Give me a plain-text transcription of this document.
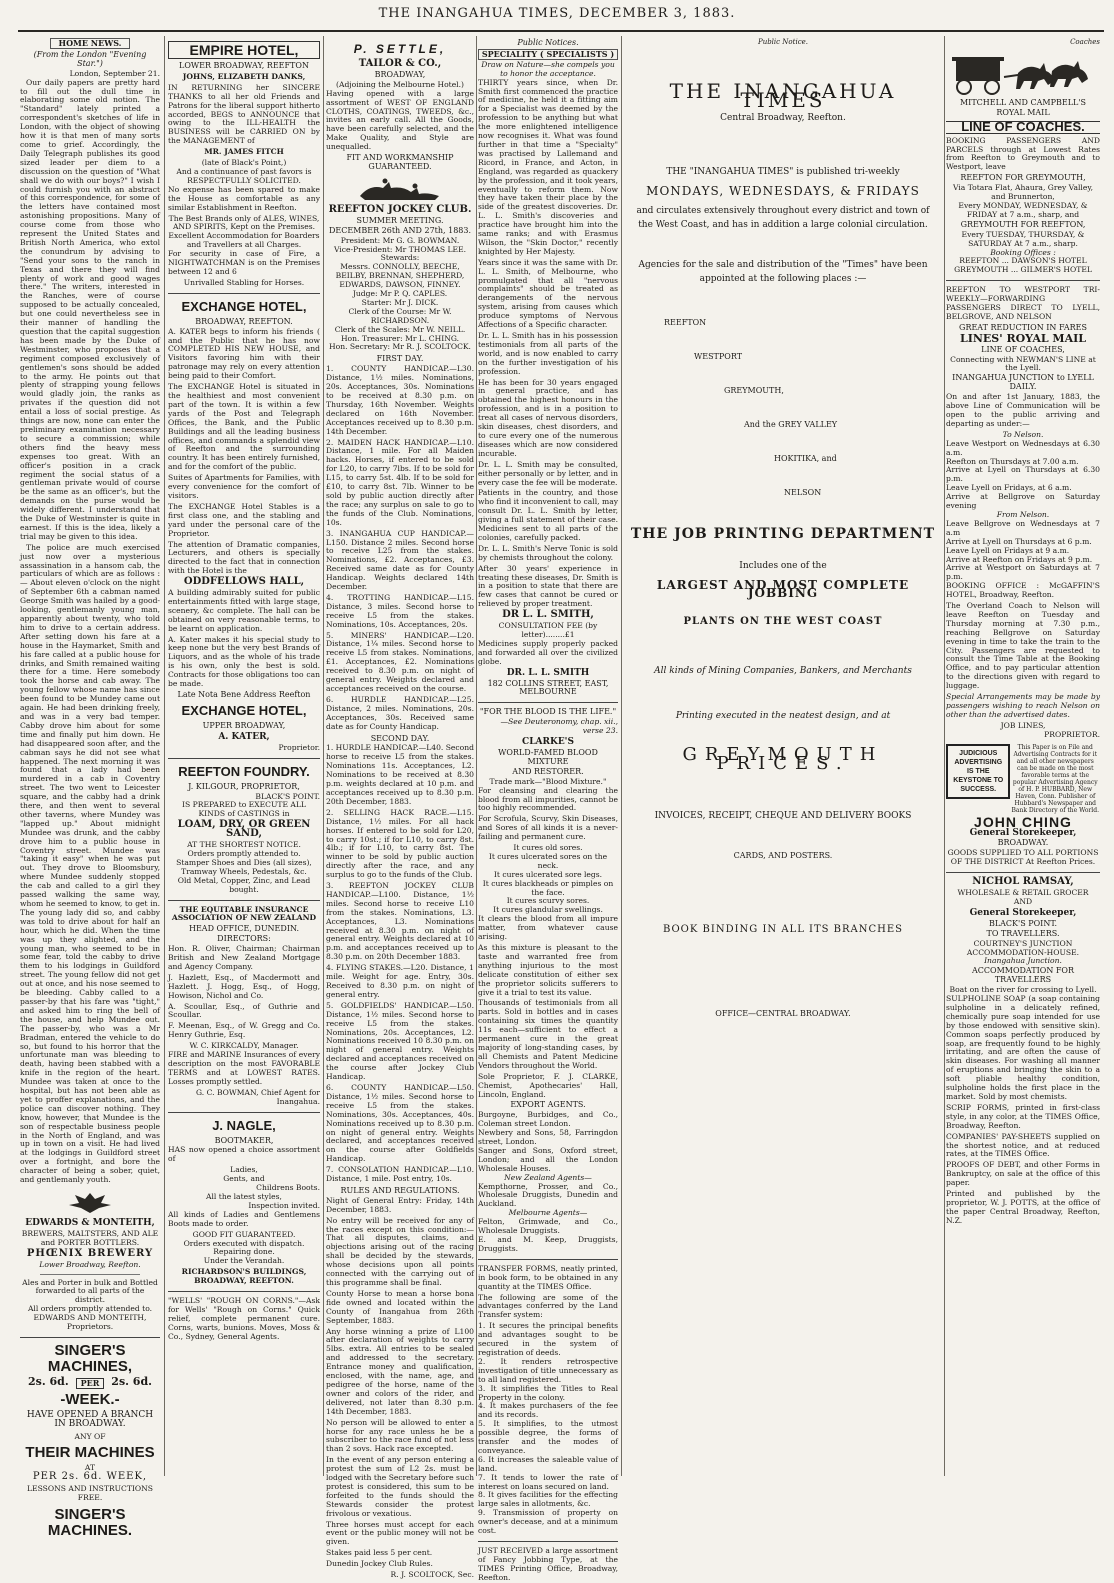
THE INANGAHUA TIMES, DECEMBER 3, 1883.
HOME NEWS.
(From the London "Evening Star.")
London, September 21.

Our daily papers are pretty hard to fill out the dull time in elaborating some old notion. The "Standard" lately printed a correspondent's sketches of life in London, with the object of showing how it is that men of many sorts come to grief. Accordingly, the Daily Telegraph publishes its good sized leader per diem to a discussion on the question of "What shall we do with our boys?" I wish I could furnish you with an abstract of this correspondence, for some of the letters have contained most astonishing propositions. Many of course come from those who represent the United States and British North America, who extol the conundrum by advising to "Send your sons to the ranch in Texas and there they will find plenty of work and good wages there." The writers, interested in the Ranches, were of course supposed to be actually concealed, but one could nevertheless see in their manner of handling the question that the capital suggestion has been made by the Duke of Westminster, who proposes that a regiment composed exclusively of gentlemen's sons should be added to the army. He points out that plenty of strapping young fellows would gladly join, the ranks as privates if the question did not entail a loss of social prestige. As things are now, none can enter the preliminary examination necessary to secure a commission; while others find the heavy mess expenses too great. With an officer's position in a crack regiment the social status of a gentleman private would of course be the same as an officer's, but the demands on the purse would be widely different. I understand that the Duke of Westminster is quite in earnest. If this is the idea, likely a trial may be given to this idea.

The police are much exercised just now over a mysterious assassination in a hansom cab, the particulars of which are as follows :— About eleven o'clock on the night of September 6th a cabman named George Smith was hailed by a good-looking, gentlemanly young man, apparently about twenty, who told him to drive to a certain address. After setting down his fare at a house in the Haymarket, Smith and his fare called at a public house for drinks, and Smith remained waiting there for a time. Here somebody took the horse and cab away. The young fellow whose name has since been found to be Mundey came out again. He had been drinking freely, and was in a very bad temper. Cabby drove him about for some time and finally put him down. He had disappeared soon after, and the cabman says he did not see what happened. The next morning it was found that a lady had been murdered in a cab in Coventry street. The two went to Leicester square, and the cabby had a drink there, and then went to several other taverns, where Mundey was "lapped up." About midnight Mundee was drunk, and the cabby drove him to a public house in Coventry street. Mundee was "taking it easy" when he was put out. They drove to Bloomsbury, where Mundee suddenly stopped the cab and called to a girl they passed walking the same way, whom he seemed to know, to get in. The young lady did so, and cabby was told to drive about for half an hour, which he did. When the time was up they alighted, and the young man, who seemed to be in some fear, told the cabby to drive them to his lodgings in Guildford street. The young fellow did not get out at once, and his nose seemed to be bleeding. Cabby called to a passer-by that his fare was "tight," and asked him to ring the bell of the house, and help Mundee out. The passer-by, who was a Mr Bradman, entered the vehicle to do so, but found to his horror that the unfortunate man was bleeding to death, having been stabbed with a knife in the region of the heart. Mundee was taken at once to the hospital, but has not been able as yet to proffer explanations, and the police can discover nothing. They know, however, that Mundee is the son of respectable business people in the North of England, and was up in town on a visit. He had lived at the lodgings in Guildford street over a fortnight, and bore the character of being a sober, quiet, and gentlemanly youth.

EDWARDS & MONTEITH,
BREWERS, MALTSTERS, AND ALE and PORTER BOTTLERS.
PHŒNIX BREWERY
Lower Broadway, Reefton.
Ales and Porter in bulk and Bottled forwarded to all parts of the district.
All orders promptly attended to.
EDWARDS AND MONTEITH, Proprietors.
SINGER'S MACHINES,
2s. 6d.	PER	2s. 6d.
-WEEK.-
HAVE OPENED A BRANCH IN BROADWAY.
ANY OF
THEIR MACHINES
AT
PER 2s. 6d. WEEK,
LESSONS AND INSTRUCTIONS FREE.
SINGER'S MACHINES.
EMPIRE HOTEL,
LOWER BROADWAY, REEFTON
JOHNS, ELIZABETH DANKS,

IN RETURNING her SINCERE THANKS to all her old Friends and Patrons for the liberal support hitherto accorded, BEGS to ANNOUNCE that owing to the ILL-HEALTH the BUSINESS will be CARRIED ON by the MANAGEMENT of

MR. JAMES FITCH
(late of Black's Point,)
And a continuance of past favors is RESPECTFULLY SOLICITED.

No expense has been spared to make the House as comfortable as any similar Establishment in Reefton.

The Best Brands only of ALES, WINES, AND SPIRITS, Kept on the Premises.
Excellent Accommodation for Boarders and Travellers at all Charges.

For security in case of Fire, a NIGHTWATCHMAN is on the Premises between 12 and 6

Unrivalled Stabling for Horses.
EXCHANGE HOTEL,
BROADWAY, REEFTON.

A. KATER begs to inform his friends ( and the Public that he has now COMPLETED HIS NEW HOUSE, and Visitors favoring him with their patronage may rely on every attention being paid to their Comfort.

The EXCHANGE Hotel is situated in the healthiest and most convenient part of the town. It is within a few yards of the Post and Telegraph Offices, the Bank, and the Public Buildings and all the leading business offices, and commands a splendid view of Reefton and the surrounding country. It has been entirely furnished, and for the comfort of the public.

Suites of Apartments for Families, with every convenience for the comfort of visitors.

The EXCHANGE Hotel Stables is a first class one, and the stabling and yard under the personal care of the Proprietor.

The attention of Dramatic companies, Lecturers, and others is specially directed to the fact that in connection with the Hotel is the

ODDFELLOWS HALL,

A building admirably suited for public entertainments fitted with large stage, scenery, &c complete. The hall can be obtained on very reasonable terms, to be learnt on application.

A. Kater makes it his special study to keep none but the very best Brands of Liquors, and as the whole of his trade is his own, only the best is sold. Contracts for those obligations too can be made.

Late Nota Bene Address Reefton
EXCHANGE HOTEL,
UPPER BROADWAY,
A. KATER,
Proprietor.
REEFTON FOUNDRY.
J. KILGOUR, PROPRIETOR,
BLACK'S POINT.
IS PREPARED to EXECUTE ALL KINDS of CASTINGS in
LOAM, DRY, OR GREEN SAND,
AT THE SHORTEST NOTICE.
Orders promptly attended to.
Stamper Shoes and Dies (all sizes), Tramway Wheels, Pedestals, &c.
Old Metal, Copper, Zinc, and Lead bought.
THE EQUITABLE INSURANCE ASSOCIATION OF NEW ZEALAND
HEAD OFFICE, DUNEDIN.
DIRECTORS:

Hon. R. Oliver, Chairman; Chairman British and New Zealand Mortgage and Agency Company.

J. Hazlett, Esq., of Macdermott and Hazlett. J. Hogg, Esq., of Hogg, Howison, Nichol and Co.

A. Scoullar, Esq., of Guthrie and Scoullar.

F. Meenan, Esq., of W. Gregg and Co. Henry Guthrie, Esq.

W. C. KIRKCALDY, Manager.

FIRE and MARINE Insurances of every description on the most FAVORABLE TERMS and at LOWEST RATES. Losses promptly settled.

G. C. BOWMAN, Chief Agent for Inangahua.
J. NAGLE,
BOOTMAKER,

HAS now opened a choice assortment of

Ladies,
Gents, and
Childrens Boots.
All the latest styles,
Inspection invited.

All kinds of Ladies and Gentlemens Boots made to order.

GOOD FIT GUARANTEED.
Orders executed with dispatch.
Repairing done.
Under the Verandah.
RICHARDSON'S BUILDINGS, BROADWAY, REEFTON.

"WELLS' "ROUGH ON CORNS."—Ask for Wells' "Rough on Corns." Quick relief, complete permanent cure. Corns, warts, bunions. Moves, Moss & Co., Sydney, General Agents.

P. SETTLE,
TAILOR & CO.,
BROADWAY,
(Adjoining the Melbourne Hotel.)

Having opened with a large assortment of WEST OF ENGLAND CLOTHS, COATINGS, TWEEDS, &c., invites an early call. All the Goods, have been carefully selected, and the Make Quality, and Style are unequalled.

FIT AND WORKMANSHIP GUARANTEED.
REEFTON JOCKEY CLUB.
SUMMER MEETING.
DECEMBER 26th AND 27th, 1883.
President: Mr G. G. BOWMAN.
Vice-President: Mr THOMAS LEE.
Stewards:
Messrs. CONNOLLY, BEECHE, BEILBY, BRENNAN, SHEPHERD, EDWARDS, DAWSON, FINNEY.
Judge: Mr P. Q. CAPLES.
Starter: Mr J. DICK.
Clerk of the Course: Mr W. RICHARDSON.
Clerk of the Scales: Mr W. NEILL.
Hon. Treasurer: Mr L. CHING.
Hon. Secretary: Mr R. J. SCOLTOCK.
FIRST DAY.

1. COUNTY HANDICAP.—L30. Distance, 1½ miles. Nominations, 20s. Acceptances, 30s. Nominations to be received at 8.30 p.m. on Thursday, 16th November. Weights declared on 16th November. Acceptances received up to 8.30 p.m. 14th December.

2. MAIDEN HACK HANDICAP.—L10. Distance, 1 mile. For all Maiden hacks. Horses, if entered to be sold for L20, to carry 7lbs. If to be sold for L15, to carry 5st. 4lb. If to be sold for £10, to carry 8st. 7lb. Winner to be sold by public auction directly after the race; any surplus on sale to go to the funds of the Club. Nominations, 10s.

3. INANGAHUA CUP HANDICAP.—L150. Distance 2 miles. Second horse to receive L25 from the stakes. Nominations, £2. Acceptances, £3. Received same date as for County Handicap. Weights declared 14th December.

4. TROTTING HANDICAP.—L15. Distance, 3 miles. Second horse to receive L5 from the stakes. Nominations, 10s. Acceptances, 20s.

5. MINERS' HANDICAP.—L20. Distance, 1¼ miles. Second horse to receive L5 from stakes. Nominations, £1. Acceptances, £2. Nominations received to 8.30 p.m. on night of general entry. Weights declared and acceptances received on the course.

6. HURDLE HANDICAP.—L25. Distance, 2 miles. Nominations, 20s. Acceptances, 30s. Received same date as for County Handicap.

SECOND DAY.

1. HURDLE HANDICAP.—L40. Second horse to receive L5 from the stakes. Nominations 11s. Acceptances, L2. Nominations to be received at 8.30 p.m. weights declared at 10 p.m. and acceptances received up to 8.30 p.m. 20th December, 1883.

2. SELLING HACK RACE.—L15. Distance, 1½ miles. For all hack horses. If entered to be sold for L20, to carry 10st.; if for L10, to carry 8st. 4lb.; if for L10, to carry 8st. The winner to be sold by public auction directly after the race, and any surplus to go to the funds of the Club.

3. REEFTON JOCKEY CLUB HANDICAP.—L100. Distance, 1½ miles. Second horse to receive L10 from the stakes. Nominations, L3. Acceptances, L3. Nominations received at 8.30 p.m. on night of general entry. Weights declared at 10 p.m. and acceptances received up to 8.30 p.m. on 20th December 1883.

4. FLYING STAKES.—L20. Distance, 1 mile. Weight for age. Entry, 30s. Received to 8.30 p.m. on night of general entry.

5. GOLDFIELDS' HANDICAP.—L50. Distance, 1½ miles. Second horse to receive L5 from the stakes. Nominations, 20s. Acceptances, L2. Nominations received 10 8.30 p.m. on night of general entry. Weights declared and acceptances received on the course after Jockey Club Handicap.

6. COUNTY HANDICAP.—L50. Distance, 1½ miles. Second horse to receive L5 from the stakes. Nominations, 30s. Acceptances, 40s. Nominations received up to 8.30 p.m. on night of general entry. Weights declared, and acceptances received on the course after Goldfields Handicap.

7. CONSOLATION HANDICAP.—L10. Distance, 1 mile. Post entry, 10s.

RULES AND REGULATIONS.

Night of General Entry: Friday, 14th December, 1883.

No entry will be received for any of the races except on this condition:— That all disputes, claims, and objections arising out of the racing shall be decided by the stewards, whose decisions upon all points connected with the carrying out of this programme shall be final.

County Horse to mean a horse bona fide owned and located within the County of Inangahua from 26th September, 1883.

Any horse winning a prize of L100 after declaration of weights to carry 5lbs. extra. All entries to be sealed and addressed to the secretary. Entrance money and qualification, enclosed, with the name, age, and pedigree of the horse, name of the owner and colors of the rider, and delivered, not later than 8.30 p.m. 14th December, 1883.

No person will be allowed to enter a horse for any race unless he be a subscriber to the race fund of not less than 2 sovs. Hack race excepted.

In the event of any person entering a protest the sum of L2 2s. must be lodged with the Secretary before such protest is considered, this sum to be forfeited to the funds should the Stewards consider the protest frivolous or vexatious.

Three horses must accept for each event or the public money will not be given.

Stakes paid less 5 per cent.

Dunedin Jockey Club Rules.

R. J. SCOLTOCK, Sec.
Public Notices.
SPECIALITY ( SPECIALISTS )
Draw on Nature—she compels you to honor the acceptance.

THIRTY years since, when Dr. Smith first commenced the practice of medicine, he held it a fitting aim for a Specialist was deemed by the profession to be anything but what the more enlightened intelligence now recognises it. What was found further in that time a "Specialty" was practised by Lallemand and Ricord, in France, and Acton, in England, was regarded as quackery by the profession, and it took years, eventually to reform them. Now they have taken their place by the side of the greatest discoveries. Dr. L. L. Smith's discoveries and practice have brought him into the same ranks; and with Erasmus Wilson, the "Skin Doctor," recently knighted by Her Majesty.

Years since it was the same with Dr. L. L. Smith, of Melbourne, who promulgated that all "nervous complaints" should be treated as derangements of the nervous system, arising from causes which produce symptoms of Nervous Affections of a Specific character.

Dr. L. L. Smith has in his possession testimonials from all parts of the world, and is now enabled to carry on the further investigation of his profession.

He has been for 30 years engaged in general practice, and has obtained the highest honours in the profession, and is in a position to treat all cases of nervous disorders, skin diseases, chest disorders, and to cure every one of the numerous diseases which are now considered incurable.

Dr. L. L. Smith may be consulted, either personally or by letter, and in every case the fee will be moderate.

Patients in the country, and those who find it inconvenient to call, may consult Dr. L. L. Smith by letter, giving a full statement of their case. Medicines sent to all parts of the colonies, carefully packed.

Dr. L. L. Smith's Nerve Tonic is sold by chemists throughout the colony.

After 30 years' experience in treating these diseases, Dr. Smith is in a position to state that there are few cases that cannot be cured or relieved by proper treatment.

DR L. L. SMITH,
CONSULTATION FEE (by letter)........£1

Medicines supply properly packed and forwarded all over the civilized globe.

DR. L. L. SMITH
182 COLLINS STREET, EAST, MELBOURNE
"FOR THE BLOOD IS THE LIFE."
—See Deuteronomy, chap. xii., verse 23.
CLARKE'S
WORLD-FAMED BLOOD MIXTURE
AND RESTORER.
Trade mark—"Blood Mixture."

For cleansing and clearing the blood from all impurities, cannot be too highly recommended.

For Scrofula, Scurvy, Skin Diseases, and Sores of all kinds it is a never-failing and permanent cure.

It cures old sores.
It cures ulcerated sores on the neck.
It cures ulcerated sore legs.
It cures blackheads or pimples on the face.
It cures scurvy sores.
It cures glandular swellings.

It clears the blood from all impure matter, from whatever cause arising.

As this mixture is pleasant to the taste and warranted free from anything injurious to the most delicate constitution of either sex the proprietor solicits sufferers to give it a trial to test its value.

Thousands of testimonials from all parts. Sold in bottles and in cases containing six times the quantity 11s each—sufficient to effect a permanent cure in the great majority of long-standing cases, by all Chemists and Patent Medicine Vendors throughout the World.

Sole Proprietor, F. J. CLARKE, Chemist, Apothecaries' Hall, Lincoln, England.

EXPORT AGENTS.
Burgoyne, Burbidges, and Co., Coleman street London.
Newbery and Sons, 58, Farringdon street, London.
Sanger and Sons, Oxford street, London; and all the London Wholesale Houses.
New Zealand Agents—
Kempthorne, Prosser, and Co., Wholesale Druggists, Dunedin and Auckland.
Melbourne Agents—
Felton, Grimwade, and Co., Wholesale Druggists.
E. and M. Keep, Druggists, Druggists.

TRANSFER FORMS, neatly printed, in book form, to be obtained in any quantity at the TIMES Office.

The following are some of the advantages conferred by the Land Transfer system:

1. It secures the principal benefits and advantages sought to be secured in the system of registration of deeds.
2. It renders retrospective investigation of title unnecessary as to all land registered.
3. It simplifies the Titles to Real Property in the colony.
4. It makes purchasers of the fee and its records.
5. It simplifies, to the utmost possible degree, the forms of transfer and the modes of conveyance.
6. It increases the saleable value of land.
7. It tends to lower the rate of interest on loans secured on land.
8. It gives facilities for the effecting large sales in allotments, &c.
9. Transmission of property on owner's decease, and at a minimum cost.

JUST RECEIVED a large assortment of Fancy Jobbing Type, at the TIMES Printing Office, Broadway, Reefton.

Public Notice.
THE INANGAHUA TIMES
Central Broadway, Reefton.
THE "INANGAHUA TIMES" is published tri-weekly
MONDAYS, WEDNESDAYS, & FRIDAYS
and circulates extensively throughout every district and town of the West Coast, and has in addition a large colonial circulation.
Agencies for the sale and distribution of the "Times" have been appointed at the following places :—
REEFTON
WESTPORT
GREYMOUTH,
And the GREY VALLEY
HOKITIKA, and
NELSON
THE JOB PRINTING DEPARTMENT
Includes one of the
LARGEST AND MOST COMPLETE JOBBING
PLANTS ON THE WEST COAST
All kinds of Mining Companies, Bankers, and Merchants
Printing executed in the neatest design, and at
GREYMOUTH PRICES.
INVOICES, RECEIPT, CHEQUE AND DELIVERY BOOKS
CARDS, AND POSTERS.
BOOK BINDING IN ALL ITS BRANCHES
OFFICE—CENTRAL BROADWAY.
Coaches
MITCHELL AND CAMPBELL'S
ROYAL MAIL
LINE OF COACHES.

BOOKING PASSENGERS AND PARCELS through at Lowest Rates from Reefton to Greymouth and to Westport, leave

REEFTON FOR GREYMOUTH,
Via Totara Flat, Ahaura, Grey Valley, and Brunnerton,
Every MONDAY, WEDNESDAY, & FRIDAY at 7 a.m., sharp, and
GREYMOUTH FOR REEFTON,
Every TUESDAY, THURSDAY, & SATURDAY At 7 a.m., sharp.
Booking Offices :
REEFTON ... DAWSON'S HOTEL
GREYMOUTH ... GILMER'S HOTEL

REEFTON TO WESTPORT TRI-WEEKLY—FORWARDING PASSENGERS DIRECT TO LYELL, BELGROVE, AND NELSON

GREAT REDUCTION IN FARES
LINES' ROYAL MAIL
LINE OF COACHES,
Connecting with NEWMAN'S LINE at the Lyell.
INANGAHUA JUNCTION to LYELL DAILY.

On and after 1st January, 1883, the above Line of Communication will be open to the public arriving and departing as under:—

To Nelson.
Leave Westport on Wednesdays at 6.30 a.m.
Reefton on Thursdays at 7.00 a.m.
Arrive at Lyell on Thursdays at 6.30 p.m.
Leave Lyell on Fridays, at 6 a.m.
Arrive at Bellgrove on Saturday evening
From Nelson.
Leave Bellgrove on Wednesdays at 7 a.m
Arrive at Lyell on Thursdays at 6 p.m.
Leave Lyell on Fridays at 9 a.m.
Arrive at Reefton on Fridays at 9 p.m.
Arrive at Westport on Saturdays at 7 p.m.

BOOKING OFFICE : McGAFFIN'S HOTEL, Broadway, Reefton.

The Overland Coach to Nelson will leave Reefton on Tuesday and Thursday morning at 7.30 p.m., reaching Bellgrove on Saturday evening in time to take the train to the City. Passengers are requested to consult the Time Table at the Booking Office, and to pay particular attention to the directions given with regard to luggage.

Special Arrangements may be made by passengers wishing to reach Nelson on other than the advertised dates.

JOB LINES,
PROPRIETOR.
JUDICIOUS ADVERTISING IS THE KEYSTONE TO SUCCESS.
This Paper is on File and Advertising Contracts for it and all other newspapers can be made on the most favorable terms at the popular Advertising Agency of H. P. HUBBARD, New Haven, Conn. Publisher of Hubbard's Newspaper and Bank Directory of the World.
JOHN CHING
General Storekeeper,
BROADWAY.
GOODS SUPPLIED TO ALL PORTIONS OF THE DISTRICT At Reefton Prices.
NICHOL RAMSAY,
WHOLESALE & RETAIL GROCER
AND
General Storekeeper,
BLACK'S POINT.
TO TRAVELLERS.
COURTNEY'S JUNCTION ACCOMMODATION-HOUSE.
Inangahua Junction.
ACCOMMODATION FOR TRAVELLERS
Boat on the river for crossing to Lyell.

SULPHOLINE SOAP (a soap containing sulpholine in a delicately refined, chemically pure soap intended for use by those endowed with sensitive skin). Common soaps perfectly produced by soap, are frequently found to be highly irritating, and are often the cause of skin diseases. For washing all manner of eruptions and bringing the skin to a soft pliable healthy condition, sulpholine holds the first place in the market. Sold by most chemists.

SCRIP FORMS, printed in first-class style, in any color, at the TIMES Office, Broadway, Reefton.

COMPANIES' PAY-SHEETS supplied on the shortest notice, and at reduced rates, at the TIMES Office.

PROOFS OF DEBT, and other Forms in Bankruptcy, on sale at the office of this paper.

Printed and published by the proprietor, W. J. POTTS, at the office of the paper Central Broadway, Reefton, N.Z.
